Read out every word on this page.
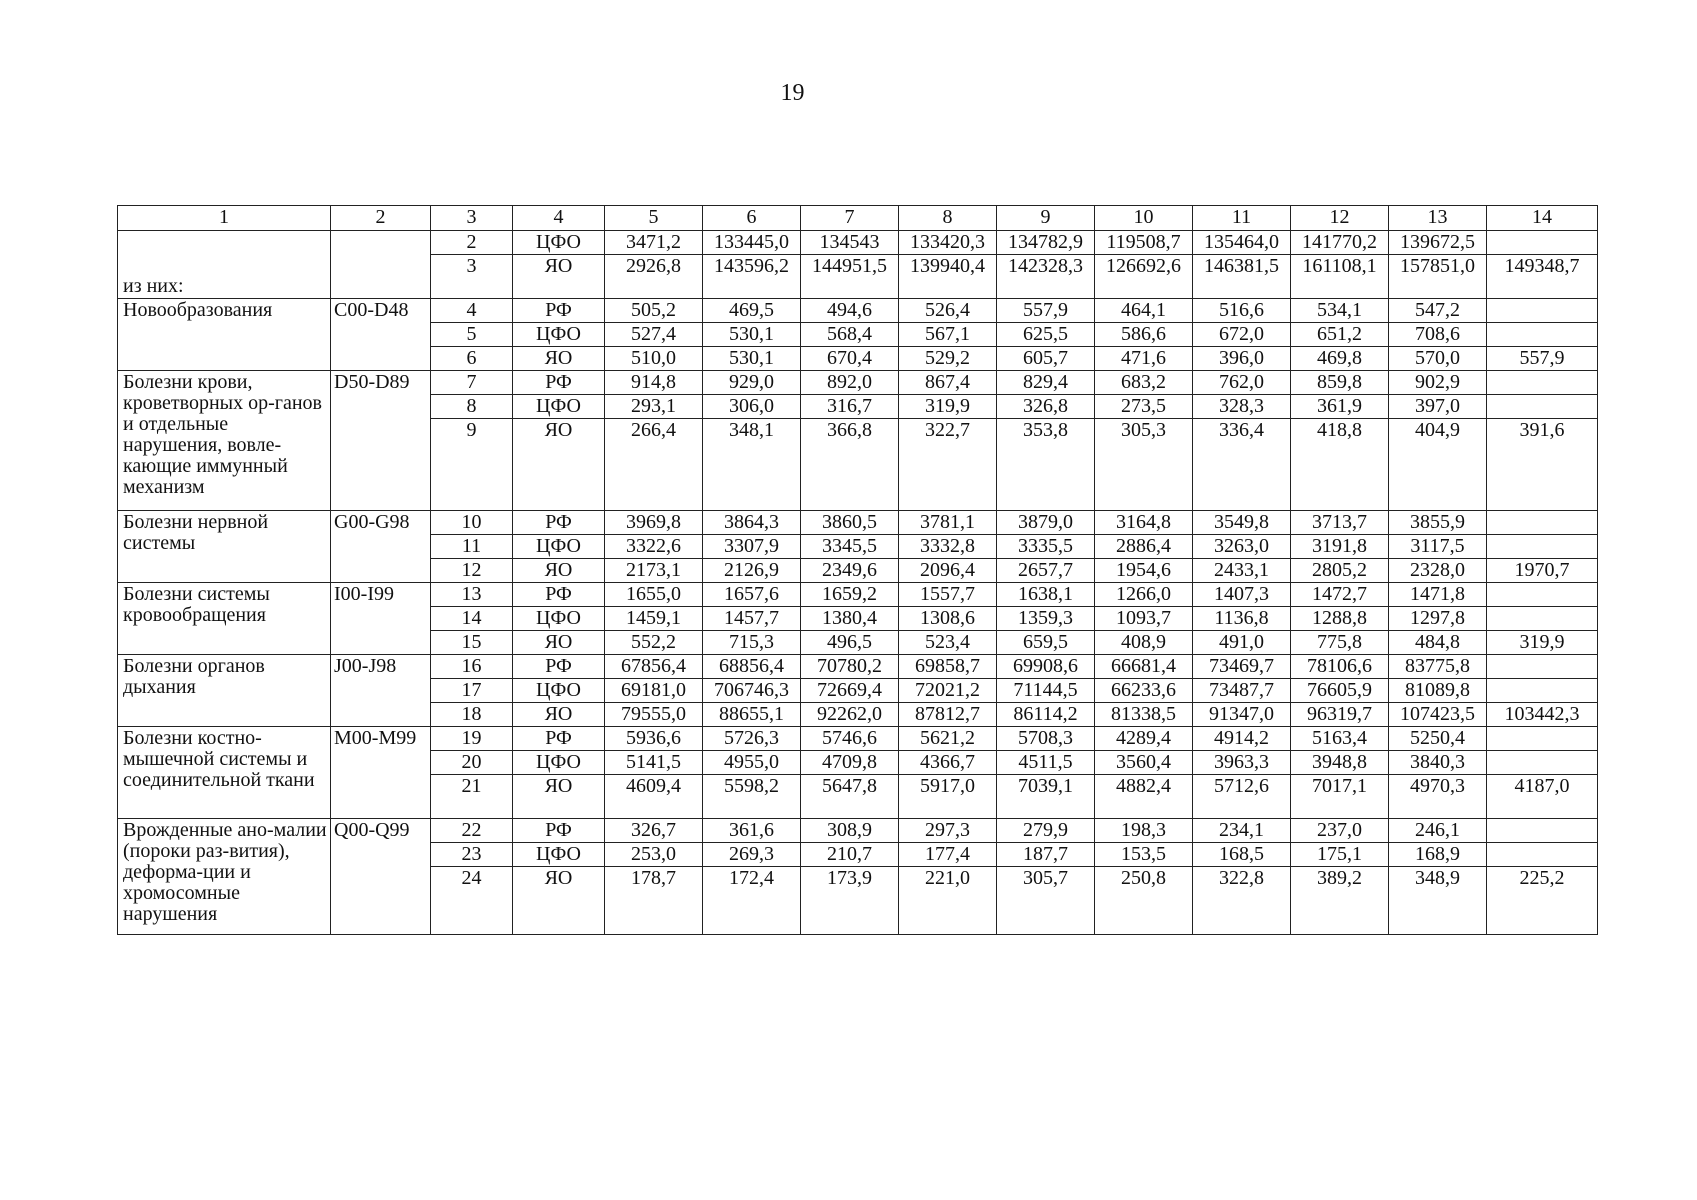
19
1	2	3	4	5	6	7	8	9	10	11	12	13	14
из них:		2	ЦФО	3471,2	133445,0	134543	133420,3	134782,9	119508,7	135464,0	141770,2	139672,5	
		3	ЯО	2926,8	143596,2	144951,5	139940,4	142328,3	126692,6	146381,5	161108,1	157851,0	149348,7
Новообразования	C00-D48	4	РФ	505,2	469,5	494,6	526,4	557,9	464,1	516,6	534,1	547,2	
		5	ЦФО	527,4	530,1	568,4	567,1	625,5	586,6	672,0	651,2	708,6	
		6	ЯО	510,0	530,1	670,4	529,2	605,7	471,6	396,0	469,8	570,0	557,9
Болезни крови, кроветворных ор-ганов и отдельные нарушения, вовле-кающие иммунный механизм	D50-D89	7	РФ	914,8	929,0	892,0	867,4	829,4	683,2	762,0	859,8	902,9	
		8	ЦФО	293,1	306,0	316,7	319,9	326,8	273,5	328,3	361,9	397,0	
		9	ЯО	266,4	348,1	366,8	322,7	353,8	305,3	336,4	418,8	404,9	391,6
Болезни нервной системы	G00-G98	10	РФ	3969,8	3864,3	3860,5	3781,1	3879,0	3164,8	3549,8	3713,7	3855,9	
		11	ЦФО	3322,6	3307,9	3345,5	3332,8	3335,5	2886,4	3263,0	3191,8	3117,5	
		12	ЯО	2173,1	2126,9	2349,6	2096,4	2657,7	1954,6	2433,1	2805,2	2328,0	1970,7
Болезни системы кровообращения	I00-I99	13	РФ	1655,0	1657,6	1659,2	1557,7	1638,1	1266,0	1407,3	1472,7	1471,8	
		14	ЦФО	1459,1	1457,7	1380,4	1308,6	1359,3	1093,7	1136,8	1288,8	1297,8	
		15	ЯО	552,2	715,3	496,5	523,4	659,5	408,9	491,0	775,8	484,8	319,9
Болезни органов дыхания	J00-J98	16	РФ	67856,4	68856,4	70780,2	69858,7	69908,6	66681,4	73469,7	78106,6	83775,8	
		17	ЦФО	69181,0	706746,3	72669,4	72021,2	71144,5	66233,6	73487,7	76605,9	81089,8	
		18	ЯО	79555,0	88655,1	92262,0	87812,7	86114,2	81338,5	91347,0	96319,7	107423,5	103442,3
Болезни костно-мышечной системы и соединительной ткани	M00-M99	19	РФ	5936,6	5726,3	5746,6	5621,2	5708,3	4289,4	4914,2	5163,4	5250,4	
		20	ЦФО	5141,5	4955,0	4709,8	4366,7	4511,5	3560,4	3963,3	3948,8	3840,3	
		21	ЯО	4609,4	5598,2	5647,8	5917,0	7039,1	4882,4	5712,6	7017,1	4970,3	4187,0
Врожденные ано-малии (пороки раз-вития), деформа-ции и хромосомные нарушения	Q00-Q99	22	РФ	326,7	361,6	308,9	297,3	279,9	198,3	234,1	237,0	246,1	
		23	ЦФО	253,0	269,3	210,7	177,4	187,7	153,5	168,5	175,1	168,9	
		24	ЯО	178,7	172,4	173,9	221,0	305,7	250,8	322,8	389,2	348,9	225,2
